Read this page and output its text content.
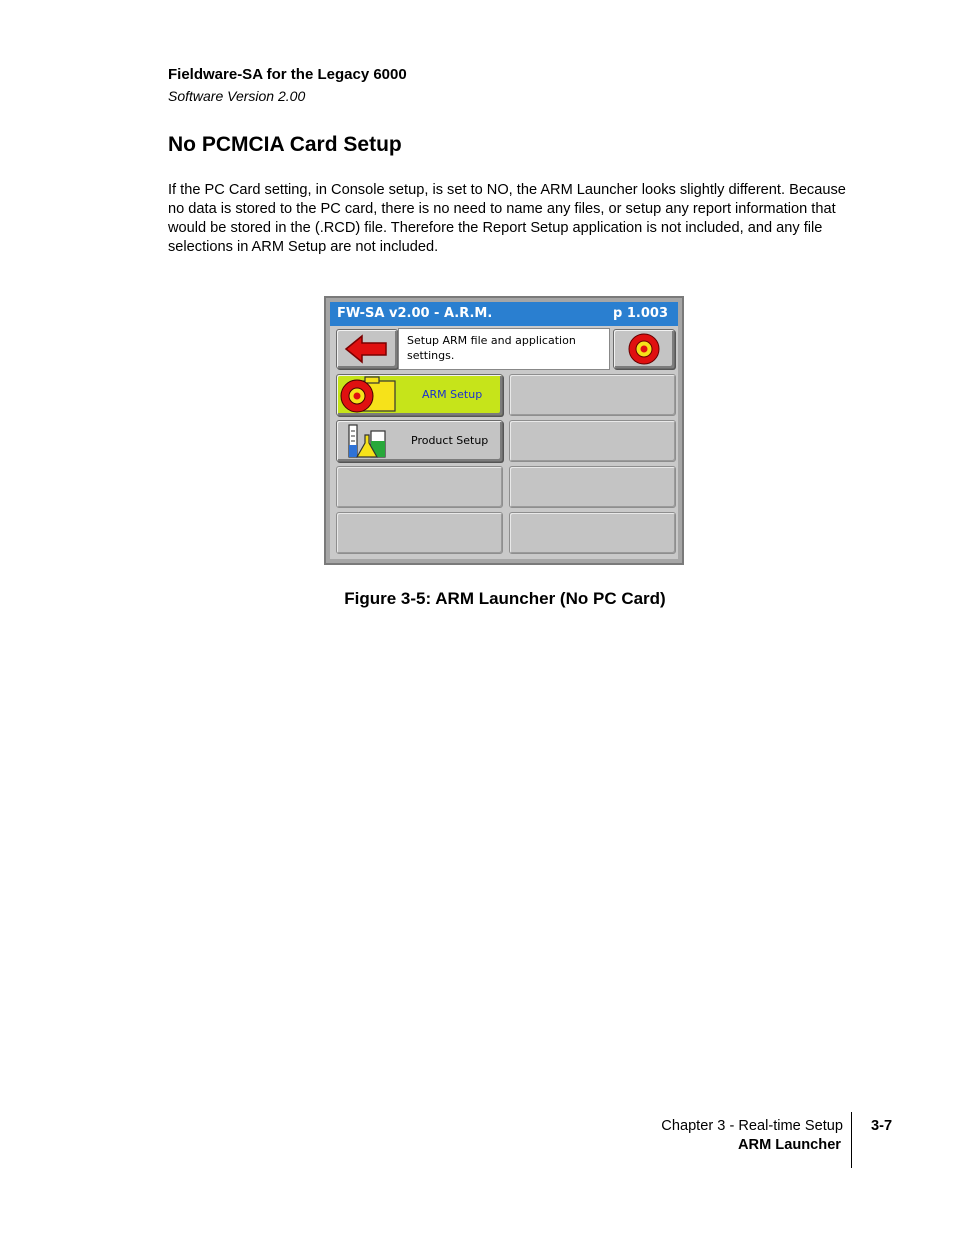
Fieldware-SA for the Legacy 6000
Software Version 2.00
No PCMCIA Card Setup
If the PC Card setting, in Console setup, is set to NO, the ARM Launcher looks slightly different. Because no data is stored to the PC card, there is no need to name any files, or setup any report information that would be stored in the (.RCD) file. Therefore the Report Setup application is not included, and any file selections in ARM Setup are not included.
FW-SA v2.00 - A.R.M.	p 1.003
Setup ARM file and application settings.
ARM Setup
Product Setup
Figure 3-5: ARM Launcher (No PC Card)
Chapter 3 - Real-time Setup
ARM Launcher
3-7
